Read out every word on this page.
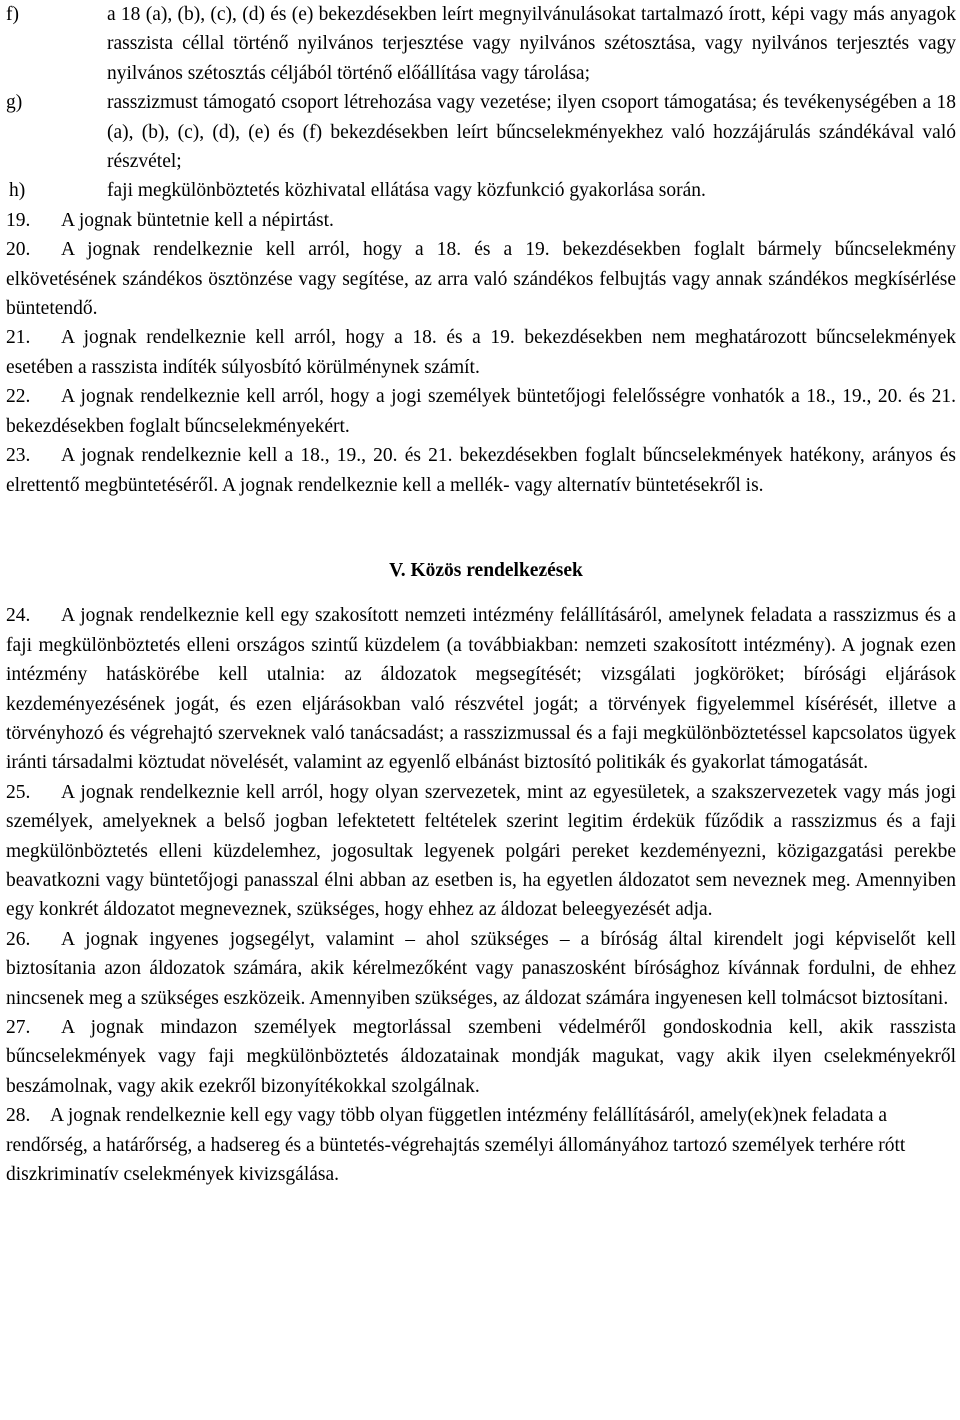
f)	a 18 (a), (b), (c), (d) és (e) bekezdésekben leírt megnyilvánulásokat tartalmazó írott, képi vagy más anyagok rasszista céllal történő nyilvános terjesztése vagy nyilvános szétosztása, vagy nyilvános terjesztés vagy nyilvános szétosztás céljából történő előállítása vagy tárolása;
g)	rasszizmust támogató csoport létrehozása vagy vezetése; ilyen csoport támogatása; és tevékenységében a 18 (a), (b), (c), (d), (e) és (f) bekezdésekben leírt bűncselekményekhez való hozzájárulás szándékával való részvétel;
h)	faji megkülönböztetés közhivatal ellátása vagy közfunkció gyakorlása során.
19. A jognak büntetnie kell a népirtást.
20. A jognak rendelkeznie kell arról, hogy a 18. és a 19. bekezdésekben foglalt bármely bűncselekmény elkövetésének szándékos ösztönzése vagy segítése, az arra való szándékos felbujtás vagy annak szándékos megkísérlése büntetendő.
21. A jognak rendelkeznie kell arról, hogy a 18. és a 19. bekezdésekben nem meghatározott bűncselekmények esetében a rasszista indíték súlyosbító körülménynek számít.
22. A jognak rendelkeznie kell arról, hogy a jogi személyek büntetőjogi felelősségre vonhatók a 18., 19., 20. és 21. bekezdésekben foglalt bűncselekményekért.
23. A jognak rendelkeznie kell a 18., 19., 20. és 21. bekezdésekben foglalt bűncselekmények hatékony, arányos és elrettentő megbüntetéséről. A jognak rendelkeznie kell a mellék- vagy alternatív büntetésekről is.
V. Közös rendelkezések
24. A jognak rendelkeznie kell egy szakosított nemzeti intézmény felállításáról, amelynek feladata a rasszizmus és a faji megkülönböztetés elleni országos szintű küzdelem (a továbbiakban: nemzeti szakosított intézmény). A jognak ezen intézmény hatáskörébe kell utalnia: az áldozatok megsegítését; vizsgálati jogköröket; bírósági eljárások kezdeményezésének jogát, és ezen eljárásokban való részvétel jogát; a törvények figyelemmel kísérését, illetve a törvényhozó és végrehajtó szerveknek való tanácsadást; a rasszizmussal és a faji megkülönböztetéssel kapcsolatos ügyek iránti társadalmi köztudat növelését, valamint az egyenlő elbánást biztosító politikák és gyakorlat támogatását.
25. A jognak rendelkeznie kell arról, hogy olyan szervezetek, mint az egyesületek, a szakszervezetek vagy más jogi személyek, amelyeknek a belső jogban lefektetett feltételek szerint legitim érdekük fűződik a rasszizmus és a faji megkülönböztetés elleni küzdelemhez, jogosultak legyenek polgári pereket kezdeményezni, közigazgatási perekbe beavatkozni vagy büntetőjogi panasszal élni abban az esetben is, ha egyetlen áldozatot sem neveznek meg. Amennyiben egy konkrét áldozatot megneveznek, szükséges, hogy ehhez az áldozat beleegyezését adja.
26. A jognak ingyenes jogsegélyt, valamint – ahol szükséges – a bíróság által kirendelt jogi képviselőt kell biztosítania azon áldozatok számára, akik kérelmezőként vagy panaszosként bírósághoz kívánnak fordulni, de ehhez nincsenek meg a szükséges eszközeik. Amennyiben szükséges, az áldozat számára ingyenesen kell tolmácsot biztosítani.
27. A jognak mindazon személyek megtorlással szembeni védelméről gondoskodnia kell, akik rasszista bűncselekmények vagy faji megkülönböztetés áldozatainak mondják magukat, vagy akik ilyen cselekményekről beszámolnak, vagy akik ezekről bizonyítékokkal szolgálnak.
28. A jognak rendelkeznie kell egy vagy több olyan független intézmény felállításáról, amely(ek)nek feladata a rendőrség, a határőrség, a hadsereg és a büntetés-végrehajtás személyi állományához tartozó személyek terhére rótt diszkriminatív cselekmények kivizsgálása.
